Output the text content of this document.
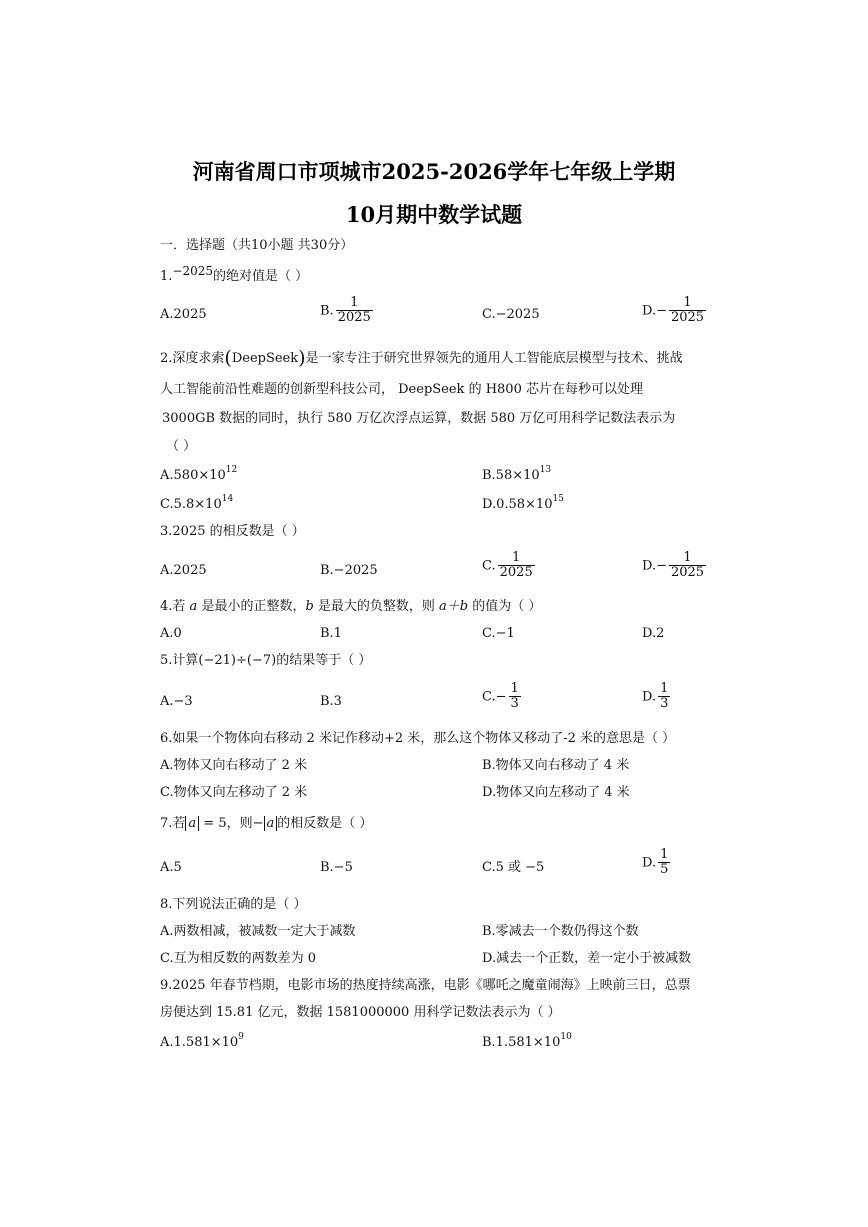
河南省周口市项城市2025-2026学年七年级上学期
10月期中数学试题
一．选择题（共10小题 共30分）
1.$^{-2025}$的绝对值是（ ）
A.2025	B. $\frac{1}{2025}$	C.−2025	$D.- \frac{1}{2025}$
2.深度求索(DeepSeek)是一家专注于研究世界领先的通用人工智能底层模型与技术、挑战
人工智能前沿性难题的创新型科技公司， DeepSeek 的 H800 芯片在每秒可以处理
3000GB 数据的同时，执行 580 万亿次浮点运算，数据 580 万亿可用科学记数法表示为
（ ）
$A.580\times 10^{12}$	$B.58\times 10^{13}$
$C.5.8\times 10^{14}$	$D.0.58\times 10^{15}$
3.2025 的相反数是（ ）
A.2025	B.−2025	C. $\frac{1}{2025}$	$D.- \frac{1}{2025}$
4.若 a 是最小的正整数，b 是最大的负整数，则 a＋b 的值为（ ）
A.0	B.1	C.−1	D.2
5.计算(−21)÷(−7)的结果等于（ ）
A.−3	B.3	$C.- \frac{1}{3}$	D. $\frac{1}{3}$
6.如果一个物体向右移动 2 米记作移动+2 米，那么这个物体又移动了-2 米的意思是（ ）
A.物体又向右移动了 2 米	B.物体又向右移动了 4 米
C.物体又向左移动了 2 米	D.物体又向左移动了 4 米
7.若 a = 5，则− a 的相反数是（ ）
A.5	B.−5	C.5 或 −5	D. $\frac{1}{5}$
8.下列说法正确的是（ ）
A.两数相减，被减数一定大于减数	B.零减去一个数仍得这个数
C.互为相反数的两数差为 0	D.减去一个正数，差一定小于被减数
9.2025 年春节档期，电影市场的热度持续高涨，电影《哪吒之魔童闹海》上映前三日，总票
房便达到 15.81 亿元，数据 1581000000 用科学记数法表示为（ ）
$A.1.581\times 10^9$	$B.1.581\times 10^{10}$
